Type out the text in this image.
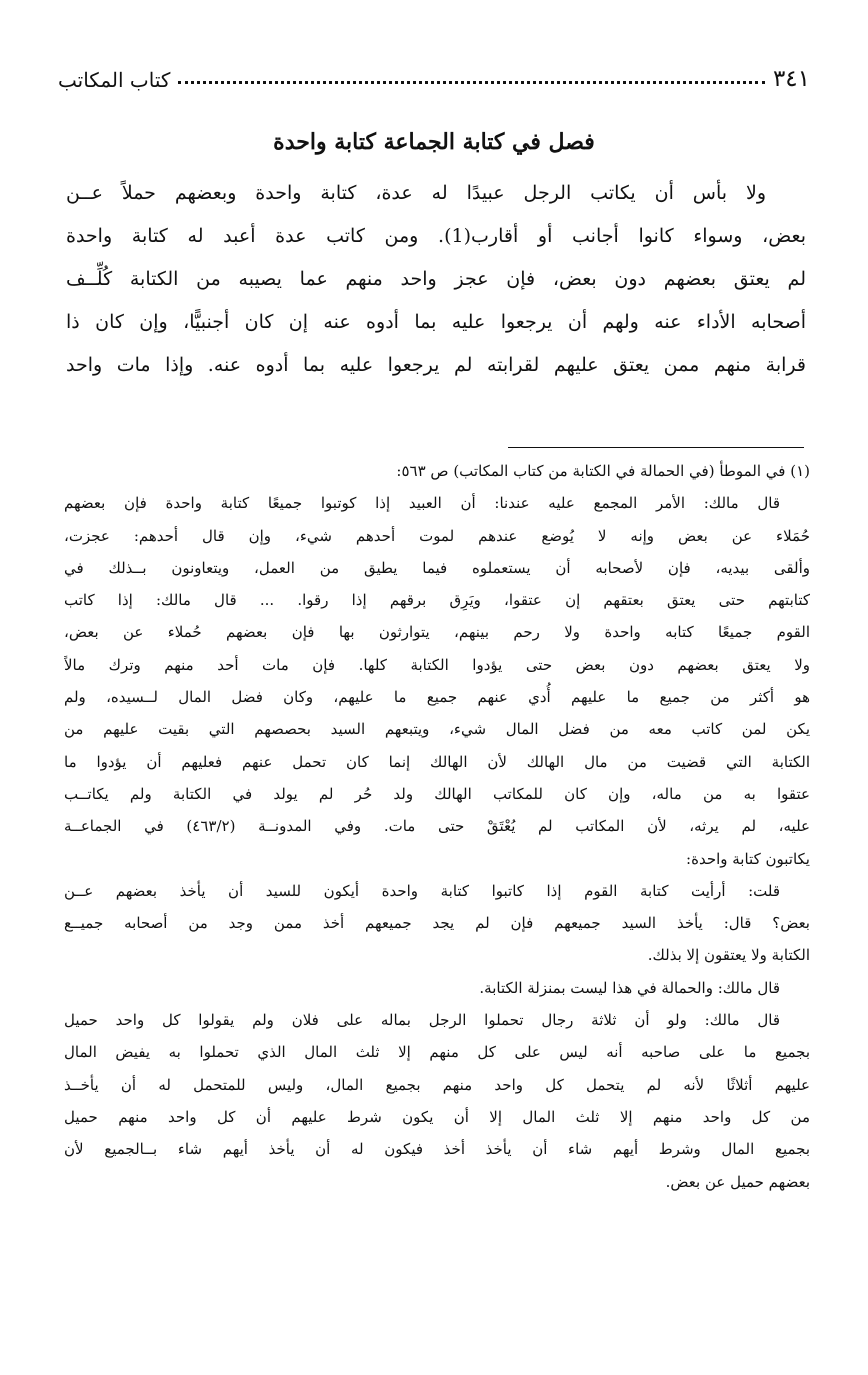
٣٤١
كتاب المكاتب
فصل في كتابة الجماعة كتابة واحدة
ولا بأس أن يكاتب الرجل عبيدًا له عدة، كتابة واحدة وبعضهم حملاً عــن
بعض، وسواء كانوا أجانب أو أقارب(1). ومن كاتب عدة أعبد له كتابة واحدة
لم يعتق بعضهم دون بعض، فإن عجز واحد منهم عما يصيبه من الكتابة كُلِّــف
أصحابه الأداء عنه ولهم أن يرجعوا عليه بما أدوه عنه إن كان أجنبيًّا، وإن كان ذا
قرابة منهم ممن يعتق عليهم لقرابته لم يرجعوا عليه بما أدوه عنه. وإذا مات واحد
(١) في الموطأ (في الحمالة في الكتابة من كتاب المكاتب) ص ٥٦٣:
قال مالك: الأمر المجمع عليه عندنا: أن العبيد إذا كوتبوا جميعًا كتابة واحدة فإن بعضهم
حُمَلاء عن بعض وإنه لا يُوضع عندهم لموت أحدهم شيء، وإن قال أحدهم: عجزت،
وألقى بيديه، فإن لأصحابه أن يستعملوه فيما يطيق من العمل، ويتعاونون بــذلك في
كتابتهم حتى يعتق بعتقهم إن عتقوا، ويَرِق برقهم إذا رقوا. ... قال مالك: إذا كاتب
القوم جميعًا كتابه واحدة ولا رحم بينهم، يتوارثون بها فإن بعضهم حُملاء عن بعض،
ولا يعتق بعضهم دون بعض حتى يؤدوا الكتابة كلها. فإن مات أحد منهم وترك مالاً
هو أكثر من جميع ما عليهم أُدي عنهم جميع ما عليهم، وكان فضل المال لــسيده، ولم
يكن لمن كاتب معه من فضل المال شيء، ويتبعهم السيد بحصصهم التي بقيت عليهم من
الكتابة التي قضيت من مال الهالك لأن الهالك إنما كان تحمل عنهم فعليهم أن يؤدوا ما
عتقوا به من ماله، وإن كان للمكاتب الهالك ولد حُر لم يولد في الكتابة ولم يكاتــب
عليه، لم يرثه، لأن المكاتب لم يُعْتَقْ حتى مات. وفي المدونــة (٤٦٣/٢) في الجماعــة
يكاتبون كتابة واحدة:
قلت: أرأيت كتابة القوم إذا كاتبوا كتابة واحدة أيكون للسيد أن يأخذ بعضهم عــن
بعض؟ قال: يأخذ السيد جميعهم فإن لم يجد جميعهم أخذ ممن وجد من أصحابه جميــع
الكتابة ولا يعتقون إلا بذلك.
قال مالك: والحمالة في هذا ليست بمنزلة الكتابة.
قال مالك: ولو أن ثلاثة رجال تحملوا الرجل بماله على فلان ولم يقولوا كل واحد حميل
بجميع ما على صاحبه أنه ليس على كل منهم إلا ثلث المال الذي تحملوا به يفيض المال
عليهم أثلاثًا لأنه لم يتحمل كل واحد منهم بجميع المال، وليس للمتحمل له أن يأخــذ
من كل واحد منهم إلا ثلث المال إلا أن يكون شرط عليهم أن كل واحد منهم حميل
بجميع المال وشرط أيهم شاء أن يأخذ أخذ فيكون له أن يأخذ أيهم شاء بــالجميع لأن
بعضهم حميل عن بعض.
